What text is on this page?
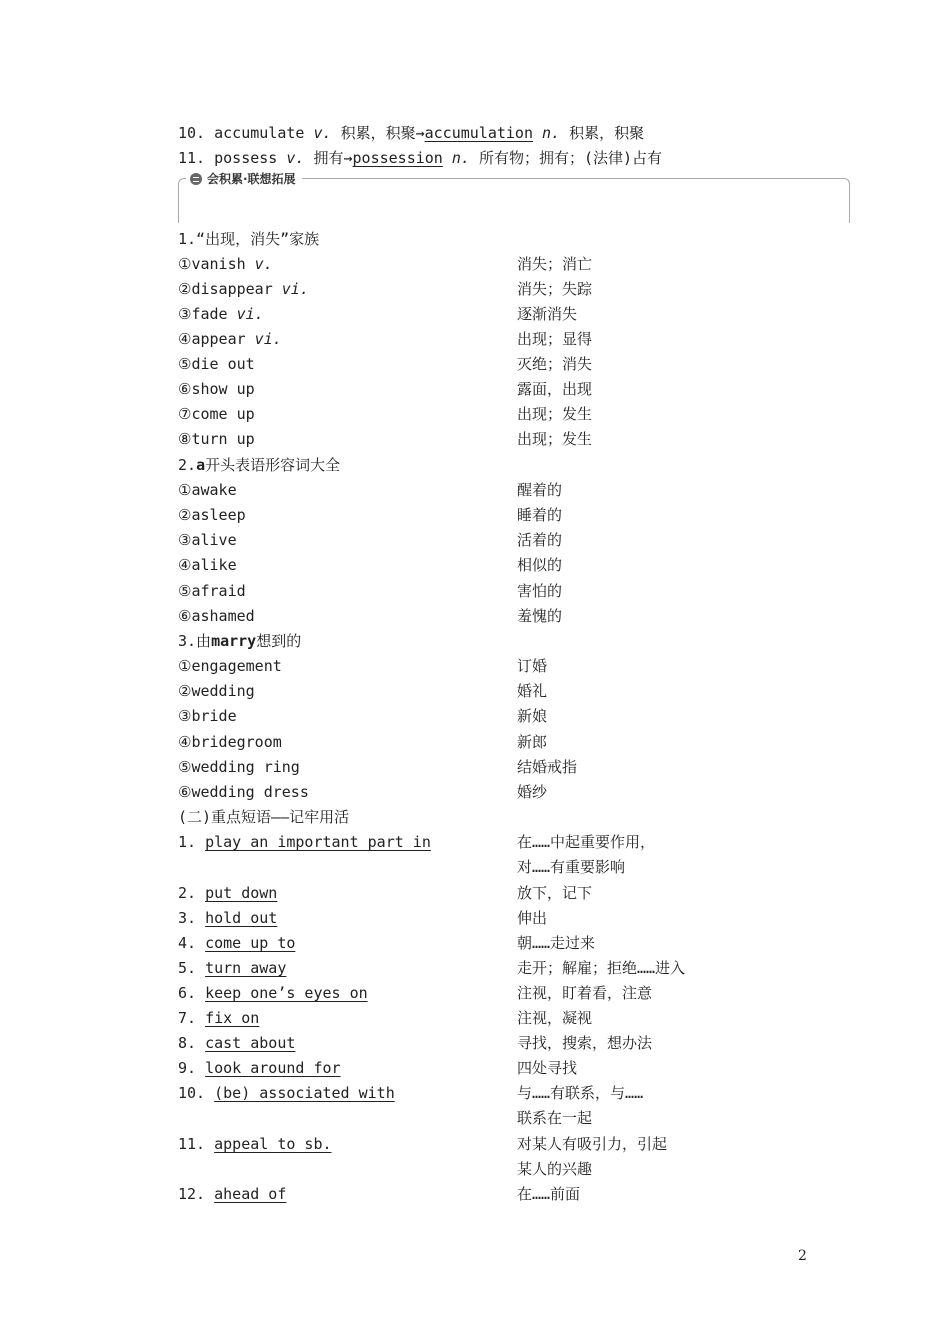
10. accumulate v. 积累，积聚→accumulation n. 积累，积聚
11. possess v. 拥有→possession n. 所有物；拥有；(法律)占有
会积累·联想拓展
1.“出现，消失”家族
①vanish v.	消失；消亡
②disappear vi.	消失；失踪
③fade vi.	逐渐消失
④appear vi.	出现；显得
⑤die out	灭绝；消失
⑥show up	露面，出现
⑦come up	出现；发生
⑧turn up	出现；发生
2.a开头表语形容词大全
①awake	醒着的
②asleep	睡着的
③alive	活着的
④alike	相似的
⑤afraid	害怕的
⑥ashamed	羞愧的
3.由marry想到的
①engagement	订婚
②wedding	婚礼
③bride	新娘
④bridegroom	新郎
⑤wedding ring	结婚戒指
⑥wedding dress	婚纱
(二)重点短语——记牢用活
1. play an important part in	在……中起重要作用，
对……有重要影响
2. put down	放下，记下
3. hold out	伸出
4. come up to	朝……走过来
5. turn away	走开；解雇；拒绝……进入
6. keep one’s eyes on	注视，盯着看，注意
7. fix on	注视，凝视
8. cast about	寻找，搜索，想办法
9. look around for	四处寻找
10. (be) associated with	与……有联系，与……
联系在一起
11. appeal to sb.	对某人有吸引力，引起
某人的兴趣
12. ahead of	在……前面
2
